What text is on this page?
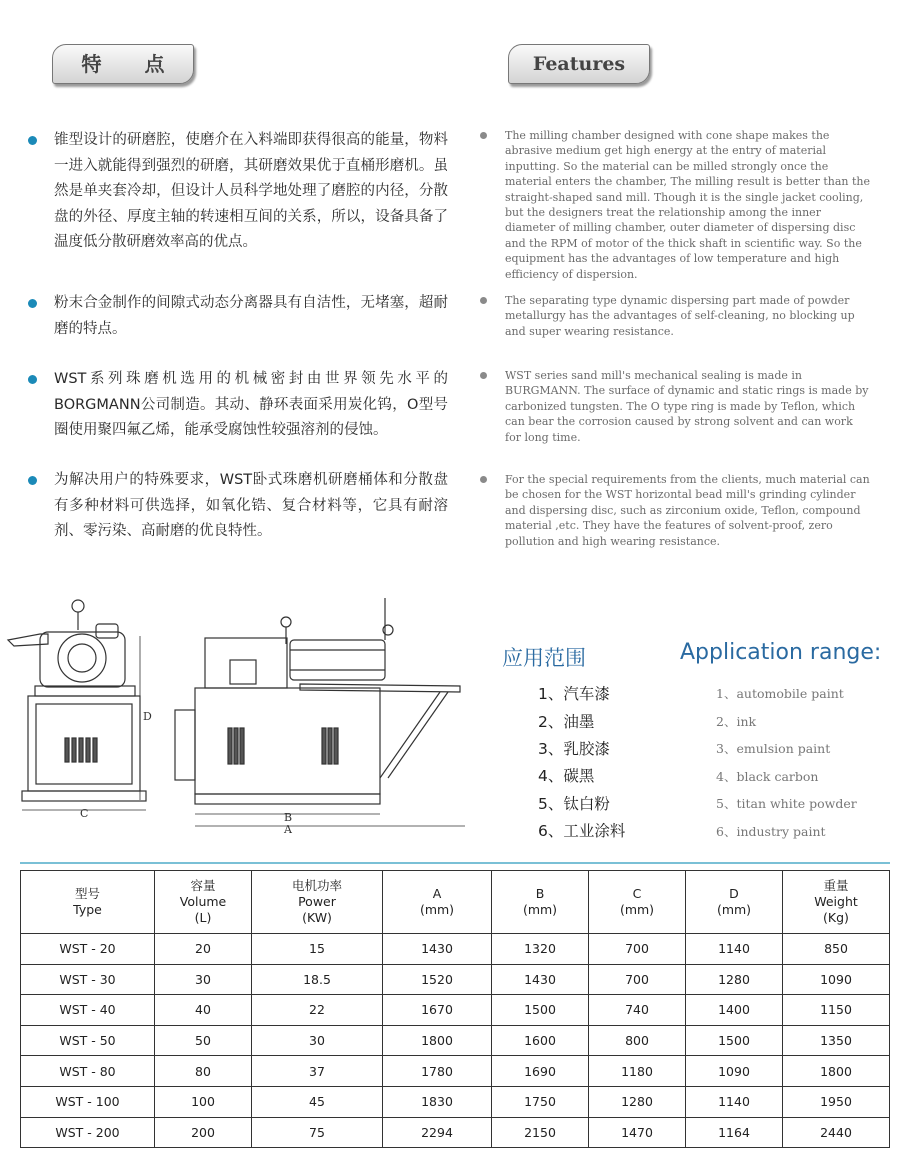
特 点	Features
锥型设计的研磨腔，使磨介在入料端即获得很高的能量，物料一进入就能得到强烈的研磨，其研磨效果优于直桶形磨机。虽然是单夹套冷却，但设计人员科学地处理了磨腔的内径，分散盘的外径、厚度主轴的转速相互间的关系，所以，设备具备了温度低分散研磨效率高的优点。
粉末合金制作的间隙式动态分离器具有自洁性，无堵塞，超耐磨的特点。
WST系列珠磨机选用的机械密封由世界领先水平的BORGMANN公司制造。其动、静环表面采用炭化钨，O型号圈使用聚四氟乙烯，能承受腐蚀性较强溶剂的侵蚀。
为解决用户的特殊要求，WST卧式珠磨机研磨桶体和分散盘有多种材料可供选择，如氧化锆、复合材料等，它具有耐溶剂、零污染、高耐磨的优良特性。
The milling chamber designed with cone shape makes the abrasive medium get high energy at the entry of material inputting. So the material can be milled strongly once the material enters the chamber, The milling result is better than the straight-shaped sand mill. Though it is the single jacket cooling, but the designers treat the relationship among the inner diameter of milling chamber, outer diameter of dispersing disc and the RPM of motor of the thick shaft in scientific way. So the equipment has the advantages of low temperature and high efficiency of dispersion.
The separating type dynamic dispersing part made of powder metallurgy has the advantages of self-cleaning, no blocking up and super wearing resistance.
WST series sand mill's mechanical sealing is made in BURGMANN. The surface of dynamic and static rings is made by carbonized tungsten. The O type ring is made by Teflon, which can bear the corrosion caused by strong solvent and can work for long time.
For the special requirements from the clients, much material can be chosen for the WST horizontal bead mill's grinding cylinder and dispersing disc, such as zirconium oxide, Teflon, compound material ,etc. They have the features of solvent-proof, zero pollution and high wearing resistance.
C
D
B
A
应用范围	Application range:
1、汽车漆
2、油墨
3、乳胶漆
4、碳黑
5、钛白粉
6、工业涂料
1、automobile paint
2、ink
3、emulsion paint
4、black carbon
5、titan white powder
6、industry paint
型号
Type	容量
Volume
(L)	电机功率
Power
(KW)	A
(mm)	B
(mm)	C
(mm)	D
(mm)	重量
Weight
(Kg)
WST - 20	20	15	1430	1320	700	1140	850
WST - 30	30	18.5	1520	1430	700	1280	1090
WST - 40	40	22	1670	1500	740	1400	1150
WST - 50	50	30	1800	1600	800	1500	1350
WST - 80	80	37	1780	1690	1180	1090	1800
WST - 100	100	45	1830	1750	1280	1140	1950
WST - 200	200	75	2294	2150	1470	1164	2440
